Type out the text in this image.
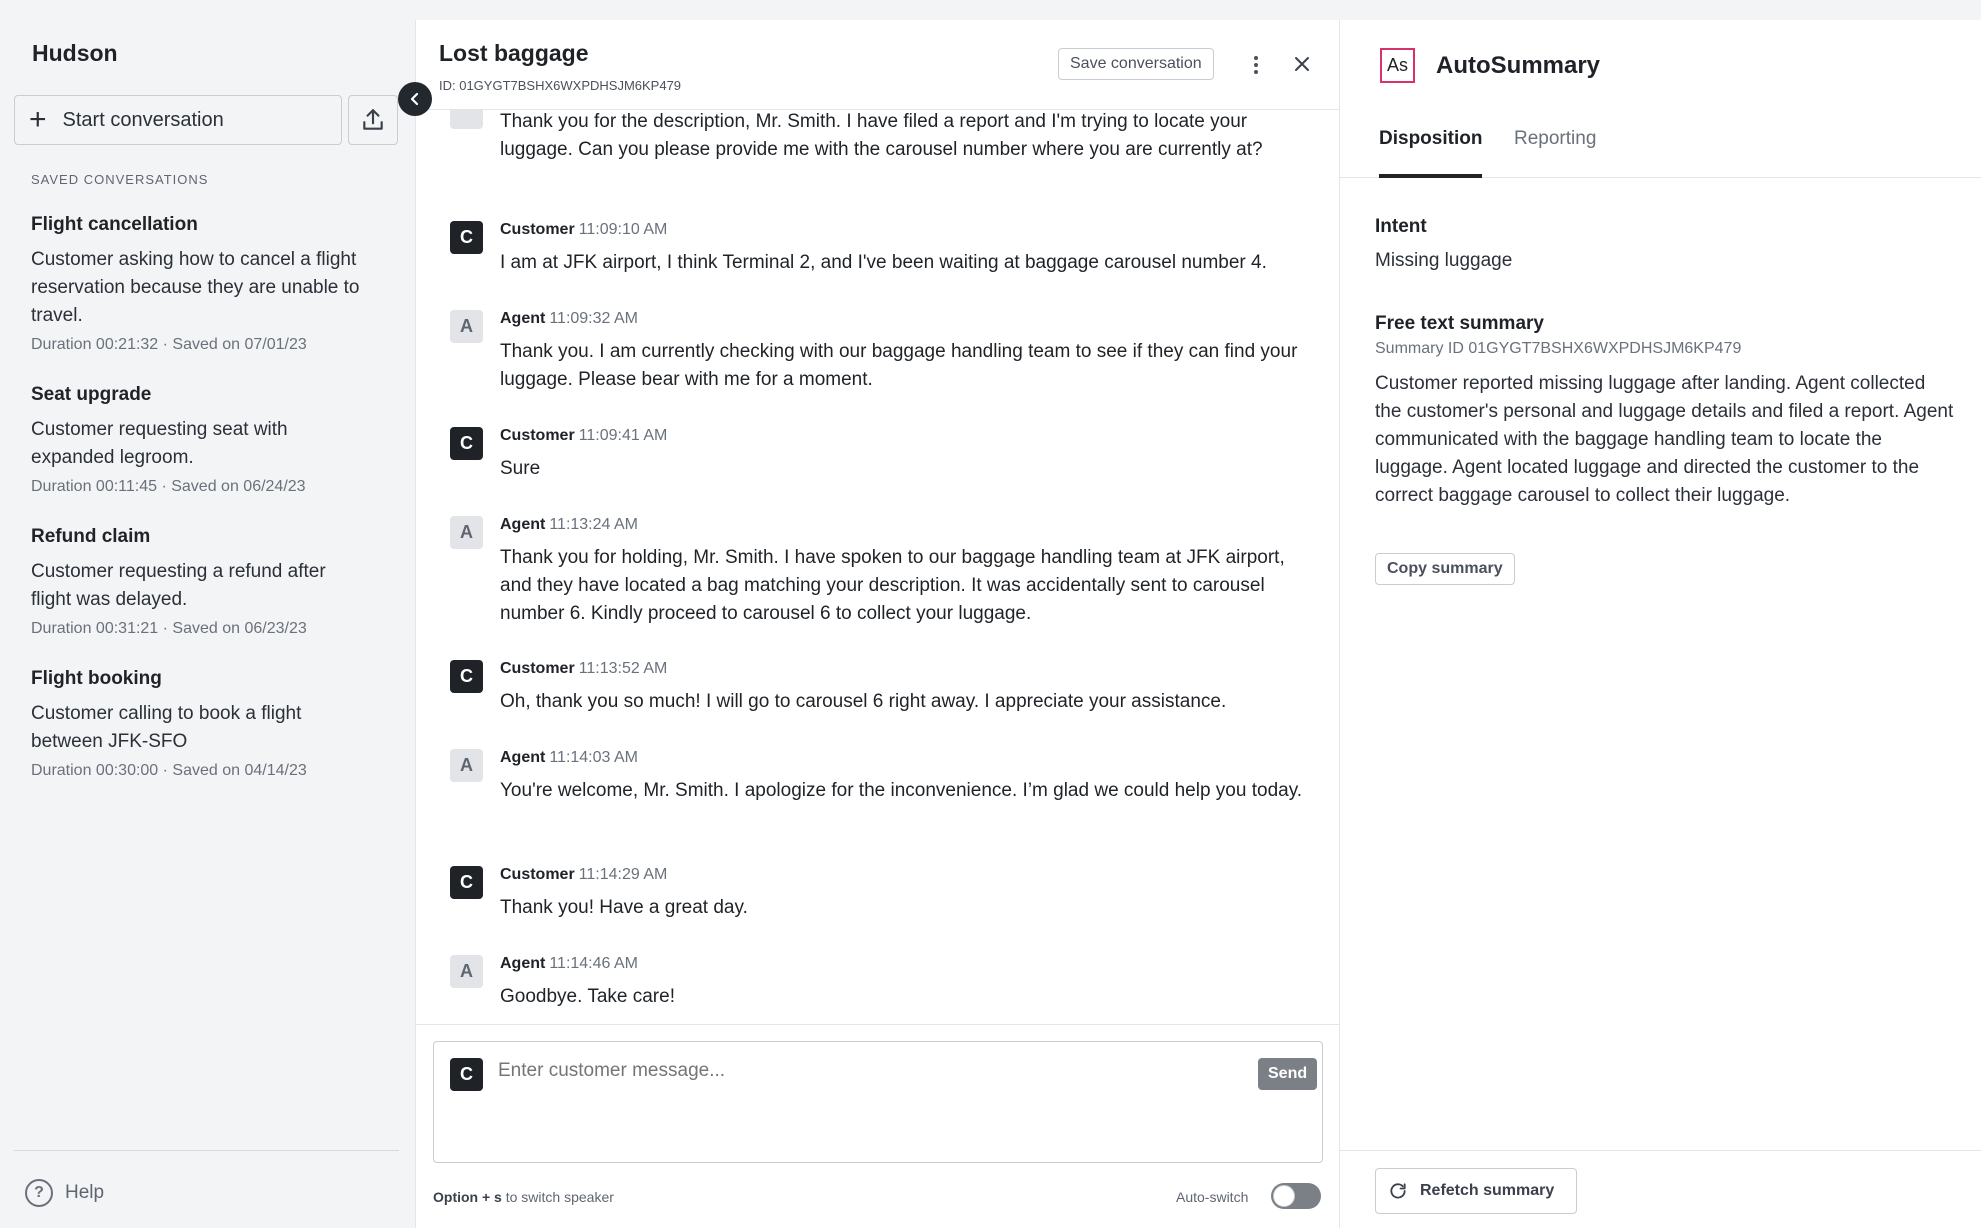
Hudson
+ Start conversation
SAVED CONVERSATIONS
Flight cancellation
Customer asking how to cancel a flight reservation because they are unable to travel.
Duration 00:21:32 · Saved on 07/01/23
Seat upgrade
Customer requesting seat with expanded legroom.
Duration 00:11:45 · Saved on 06/24/23
Refund claim
Customer requesting a refund after flight was delayed.
Duration 00:31:21 · Saved on 06/23/23
Flight booking
Customer calling to book a flight between JFK-SFO
Duration 00:30:00 · Saved on 04/14/23
?	Help
Lost baggage
ID: 01GYGT7BSHX6WXPDHSJM6KP479
Save conversation
Thank you for the description, Mr. Smith. I have filed a report and I'm trying to locate your luggage. Can you please provide me with the carousel number where you are currently at?
C	Customer 11:09:10 AM
I am at JFK airport, I think Terminal 2, and I've been waiting at baggage carousel number 4.
A	Agent 11:09:32 AM
Thank you. I am currently checking with our baggage handling team to see if they can find your luggage. Please bear with me for a moment.
C	Customer 11:09:41 AM
Sure
A	Agent 11:13:24 AM
Thank you for holding, Mr. Smith. I have spoken to our baggage handling team at JFK airport, and they have located a bag matching your description. It was accidentally sent to carousel number 6. Kindly proceed to carousel 6 to collect your luggage.
C	Customer 11:13:52 AM
Oh, thank you so much! I will go to carousel 6 right away. I appreciate your assistance.
A	Agent 11:14:03 AM
You're welcome, Mr. Smith. I apologize for the inconvenience. I’m glad we could help you today.
C	Customer 11:14:29 AM
Thank you! Have a great day.
A	Agent 11:14:46 AM
Goodbye. Take care!
C
Enter customer message...	Send
Option + s to switch speaker	Auto-switch
As AutoSummary
Disposition Reporting
Intent
Missing luggage
Free text summary
Summary ID 01GYGT7BSHX6WXPDHSJM6KP479
Customer reported missing luggage after landing. Agent collected the customer's personal and luggage details and filed a report. Agent communicated with the baggage handling team to locate the luggage. Agent located luggage and directed the customer to the correct baggage carousel to collect their luggage.
Copy summary
Refetch summary
